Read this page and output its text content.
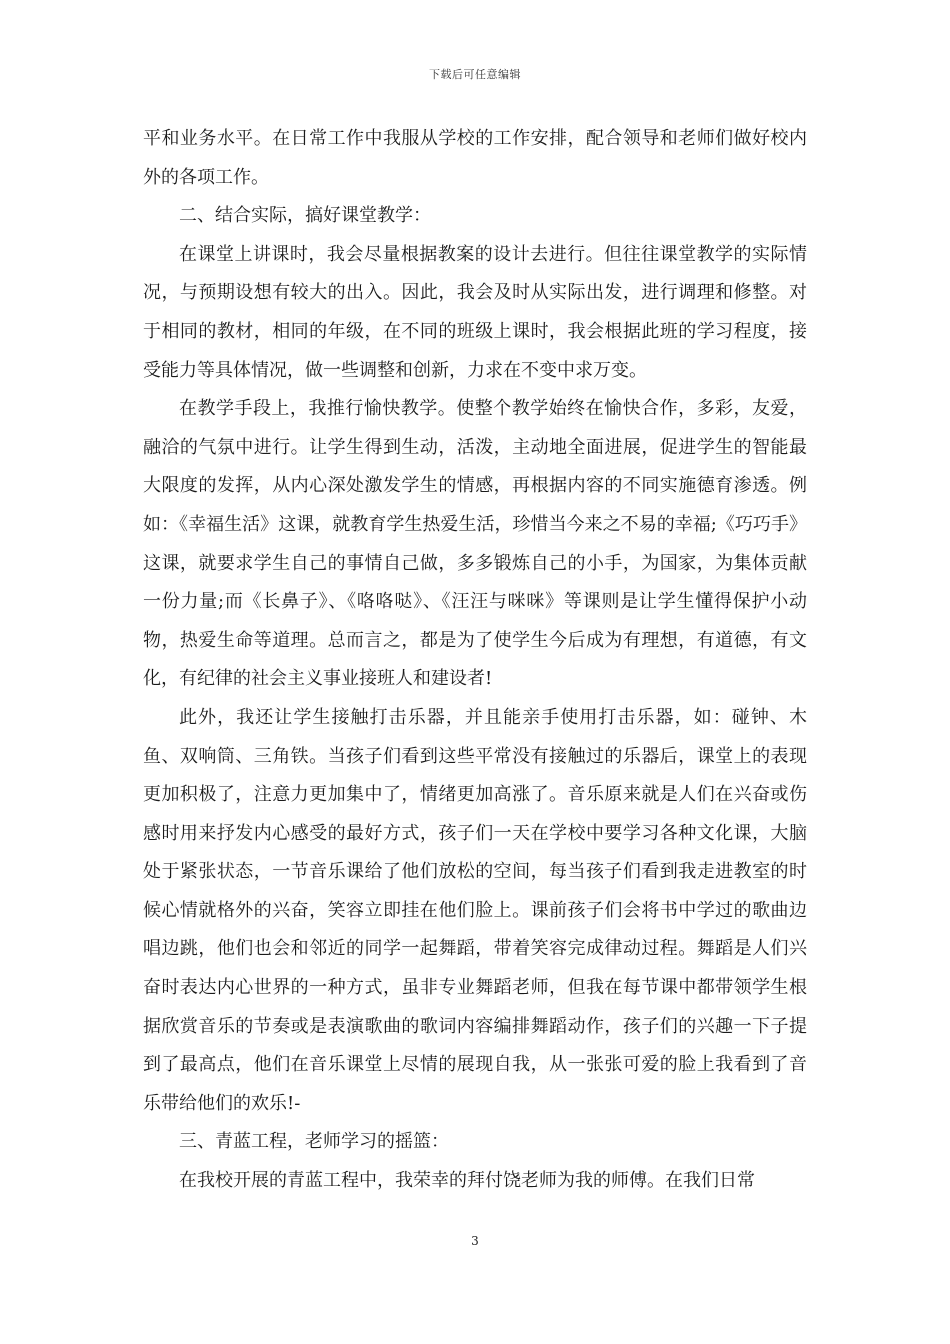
下载后可任意编辑

平和业务水平。在日常工作中我服从学校的工作安排，配合领导和老师们做好校内外的各项工作。

二、结合实际，搞好课堂教学：

在课堂上讲课时，我会尽量根据教案的设计去进行。但往往课堂教学的实际情况，与预期设想有较大的出入。因此，我会及时从实际出发，进行调理和修整。对于相同的教材，相同的年级，在不同的班级上课时，我会根据此班的学习程度，接受能力等具体情况，做一些调整和创新，力求在不变中求万变。

在教学手段上，我推行愉快教学。使整个教学始终在愉快合作，多彩，友爱，融洽的气氛中进行。让学生得到生动，活泼，主动地全面进展，促进学生的智能最大限度的发挥，从内心深处激发学生的情感，再根据内容的不同实施德育渗透。例如：《幸福生活》这课，就教育学生热爱生活，珍惜当今来之不易的幸福;《巧巧手》这课，就要求学生自己的事情自己做，多多锻炼自己的小手，为国家，为集体贡献一份力量;而《长鼻子》、《咯咯哒》、《汪汪与咪咪》等课则是让学生懂得保护小动物，热爱生命等道理。总而言之，都是为了使学生今后成为有理想，有道德，有文化，有纪律的社会主义事业接班人和建设者!

此外，我还让学生接触打击乐器，并且能亲手使用打击乐器，如：碰钟、木鱼、双响筒、三角铁。当孩子们看到这些平常没有接触过的乐器后，课堂上的表现更加积极了，注意力更加集中了，情绪更加高涨了。音乐原来就是人们在兴奋或伤感时用来抒发内心感受的最好方式，孩子们一天在学校中要学习各种文化课，大脑处于紧张状态，一节音乐课给了他们放松的空间，每当孩子们看到我走进教室的时候心情就格外的兴奋，笑容立即挂在他们脸上。课前孩子们会将书中学过的歌曲边唱边跳，他们也会和邻近的同学一起舞蹈，带着笑容完成律动过程。舞蹈是人们兴奋时表达内心世界的一种方式，虽非专业舞蹈老师，但我在每节课中都带领学生根据欣赏音乐的节奏或是表演歌曲的歌词内容编排舞蹈动作，孩子们的兴趣一下子提到了最高点，他们在音乐课堂上尽情的展现自我，从一张张可爱的脸上我看到了音乐带给他们的欢乐!-

三、青蓝工程，老师学习的摇篮：

在我校开展的青蓝工程中，我荣幸的拜付饶老师为我的师傅。在我们日常

3
